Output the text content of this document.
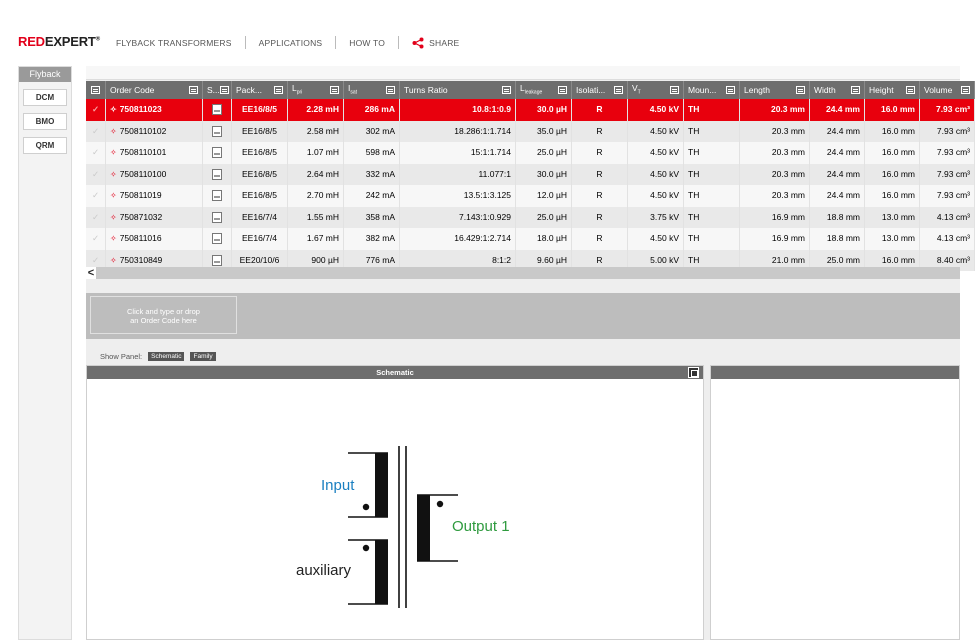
REDEXPERT® FLYBACK TRANSFORMERS	APPLICATIONS	HOW TO	SHARE
Flyback
DCM
BMO
QRM
Order Code	S... Pack...	$L_{pri}$	$I_{sat}$	Turns Ratio	$L_{leakage}$	Isolati...	$V_T$	Moun...	Length	Width	Height	Volume
✓	✧ 750811023	EE16/8/5	2.28 mH	286 mA	10.8:1:0.9	30.0 µH	R	4.50 kV	TH	20.3 mm	24.4 mm	16.0 mm	7.93 cm³
✓	✧ 7508110102	EE16/8/5	2.58 mH	302 mA	18.286:1:1.714	35.0 µH	R	4.50 kV	TH	20.3 mm	24.4 mm	16.0 mm	7.93 cm³
✓	✧ 7508110101	EE16/8/5	1.07 mH	598 mA	15:1:1.714	25.0 µH	R	4.50 kV	TH	20.3 mm	24.4 mm	16.0 mm	7.93 cm³
✓	✧ 7508110100	EE16/8/5	2.64 mH	332 mA	11.077:1	30.0 µH	R	4.50 kV	TH	20.3 mm	24.4 mm	16.0 mm	7.93 cm³
✓	✧ 750811019	EE16/8/5	2.70 mH	242 mA	13.5:1:3.125	12.0 µH	R	4.50 kV	TH	20.3 mm	24.4 mm	16.0 mm	7.93 cm³
✓	✧ 750871032	EE16/7/4	1.55 mH	358 mA	7.143:1:0.929	25.0 µH	R	3.75 kV	TH	16.9 mm	18.8 mm	13.0 mm	4.13 cm³
✓	✧ 750811016	EE16/7/4	1.67 mH	382 mA	16.429:1:2.714	18.0 µH	R	4.50 kV	TH	16.9 mm	18.8 mm	13.0 mm	4.13 cm³
✓	✧ 750310849	EE20/10/6	900 µH	776 mA	8:1:2	9.60 µH	R	5.00 kV	TH	21.0 mm	25.0 mm	16.0 mm	8.40 cm³
<
Click and type or drop
an Order Code here
Show Panel:	Schematic	Family
Schematic
Input
auxiliary
Output 1
